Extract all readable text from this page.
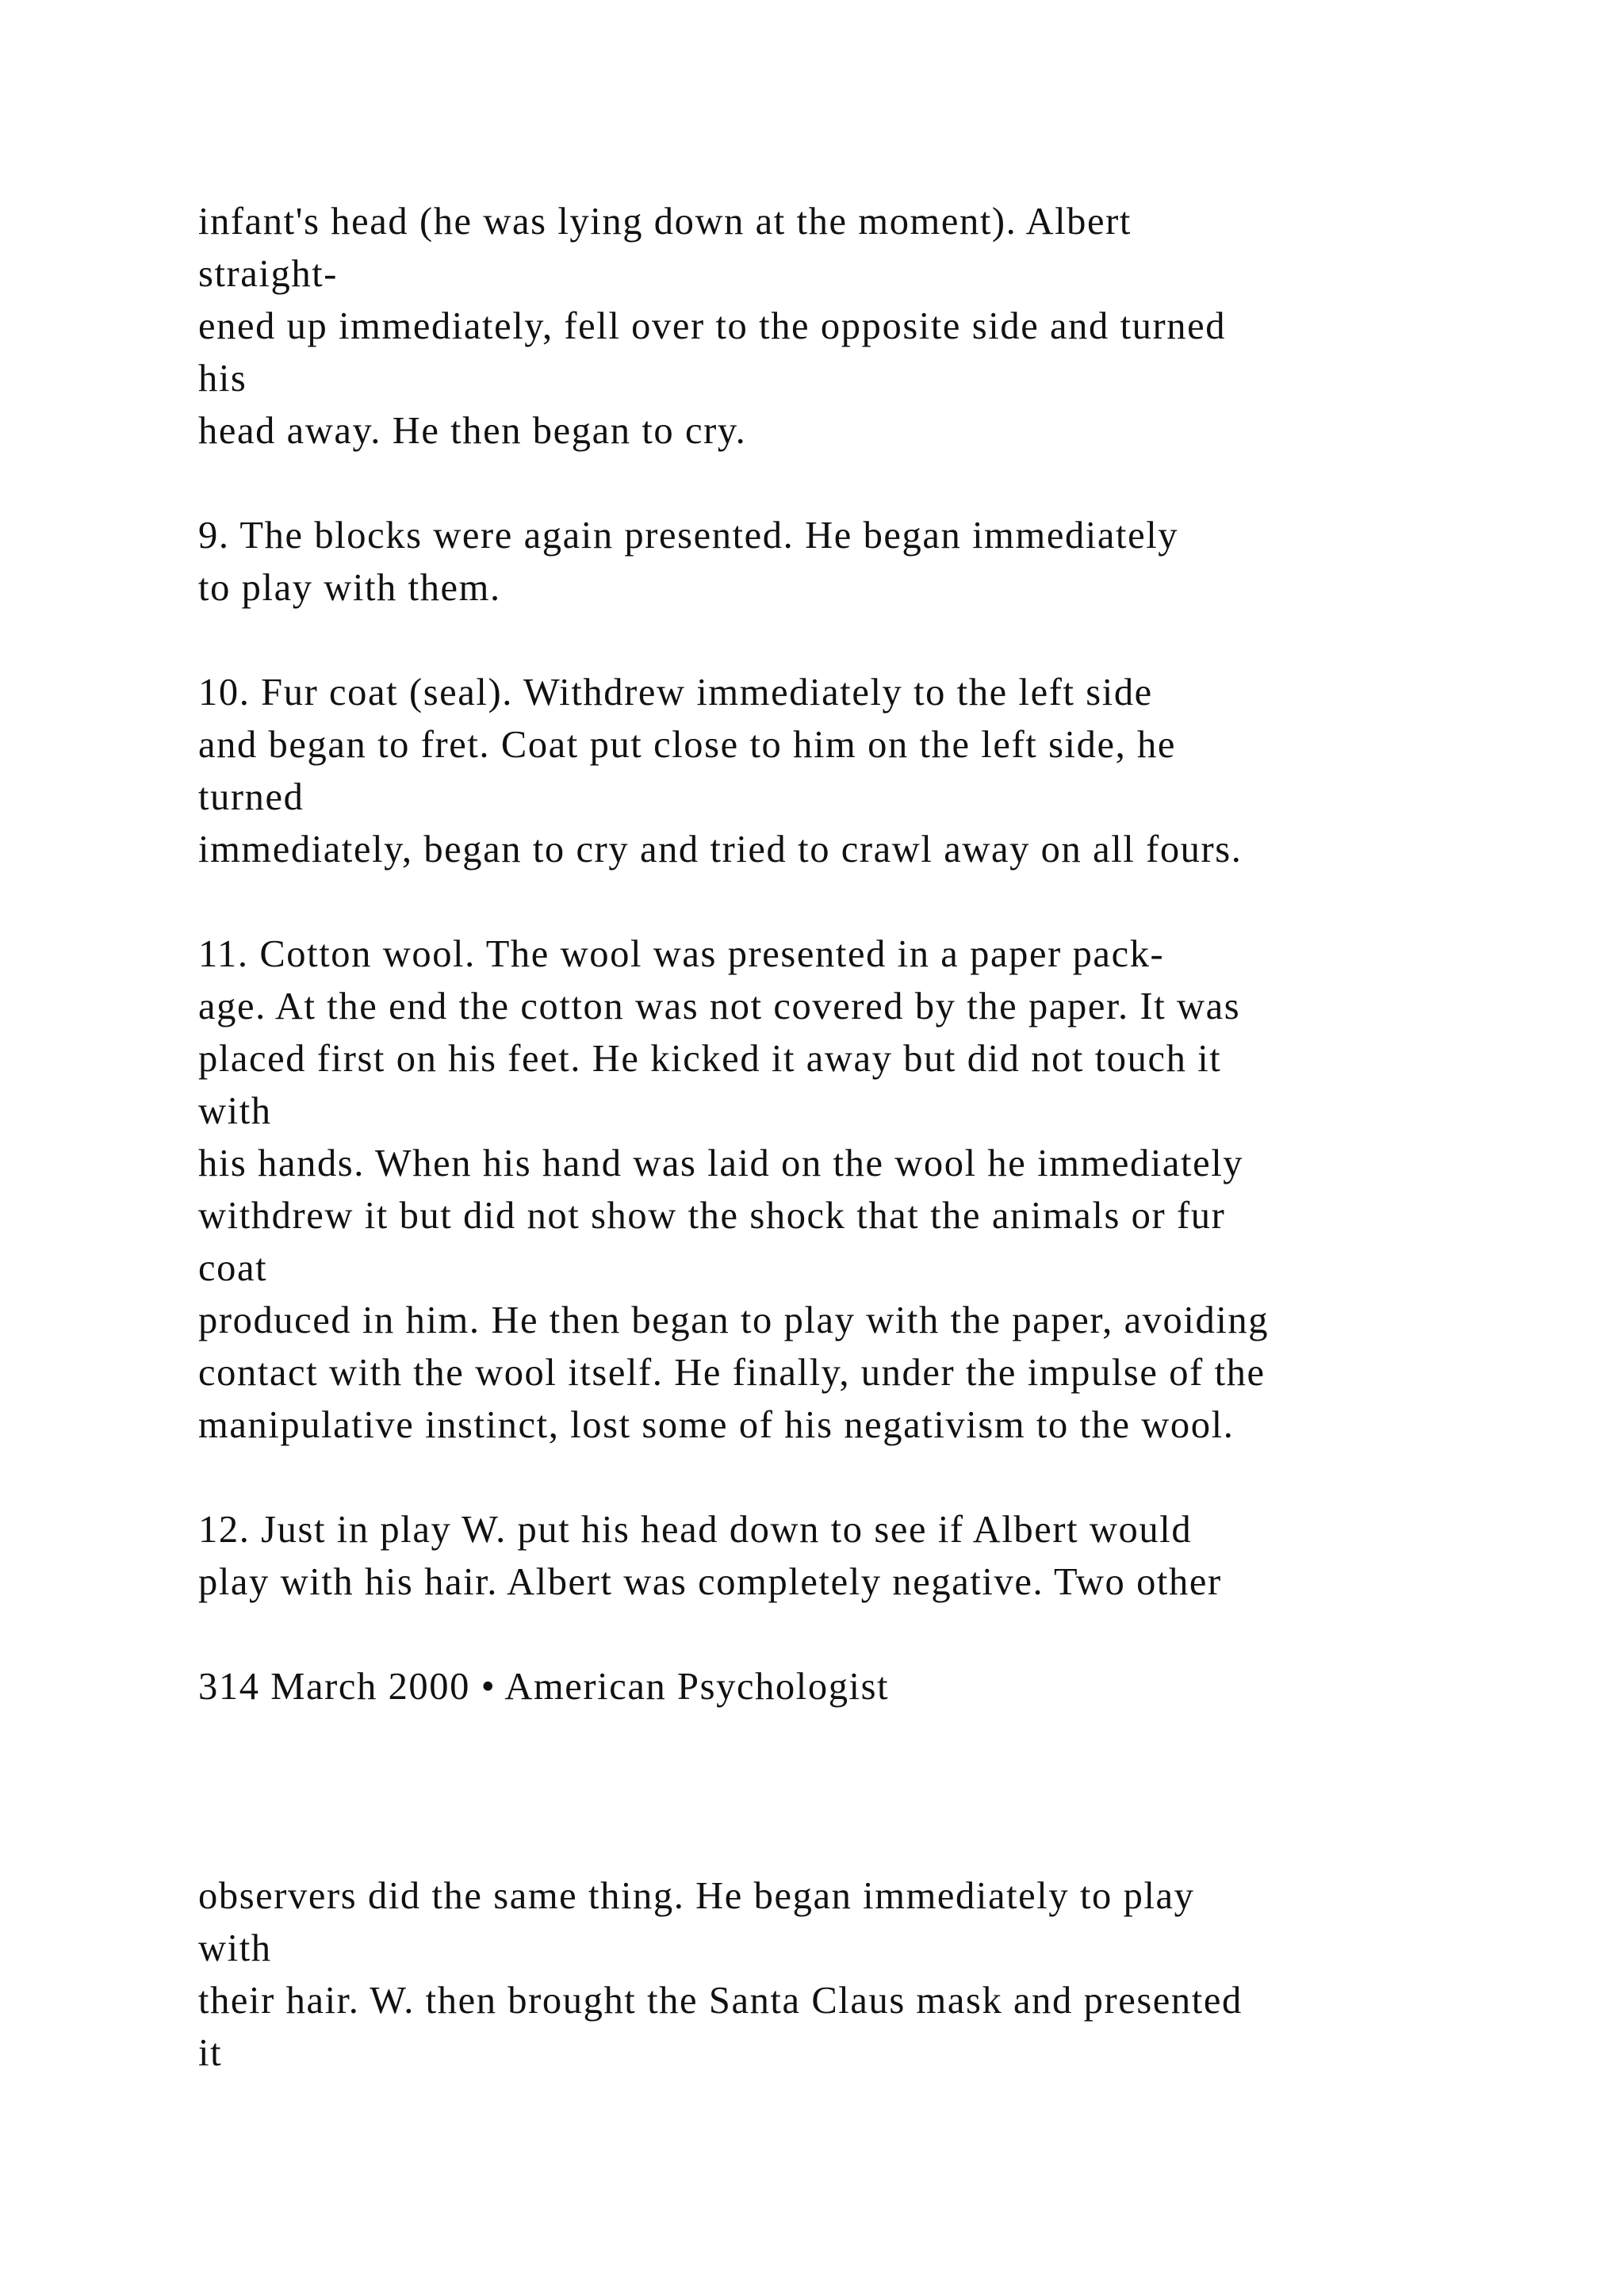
infant's head (he was lying down at the moment). Albert
straight-
ened up immediately, fell over to the opposite side and turned
his
head away. He then began to cry.
9. The blocks were again presented. He began immediately
to play with them.
10. Fur coat (seal). Withdrew immediately to the left side
and began to fret. Coat put close to him on the left side, he
turned
immediately, began to cry and tried to crawl away on all fours.
11. Cotton wool. The wool was presented in a paper pack-
age. At the end the cotton was not covered by the paper. It was
placed first on his feet. He kicked it away but did not touch it
with
his hands. When his hand was laid on the wool he immediately
withdrew it but did not show the shock that the animals or fur
coat
produced in him. He then began to play with the paper, avoiding
contact with the wool itself. He finally, under the impulse of the
manipulative instinct, lost some of his negativism to the wool.
12. Just in play W. put his head down to see if Albert would
play with his hair. Albert was completely negative. Two other
314 March 2000 • American Psychologist
observers did the same thing. He began immediately to play
with
their hair. W. then brought the Santa Claus mask and presented
it
